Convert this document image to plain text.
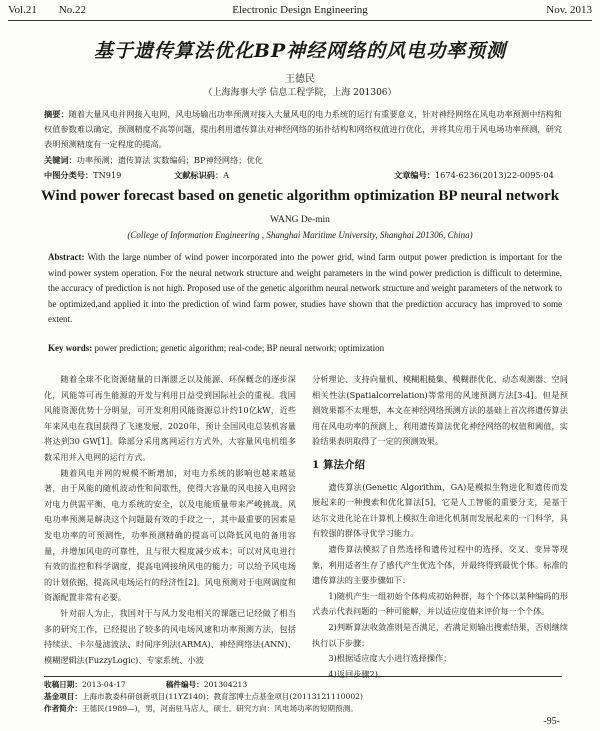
Vol.21 No.22	Electronic Design Engineering	Nov. 2013
基于遗传算法优化BP神经网络的风电功率预测
王德民
（上海海事大学 信息工程学院，上海 201306）
摘要：随着大量风电并网接入电网，风电场输出功率预测对接入大量风电的电力系统的运行有重要意义，针对神经网络在风电功率预测中结构和权值参数难以确定，预测精度不高等问题，提出利用遗传算法对神经网络的拓扑结构和网络权值进行优化，并将其应用于风电场功率预测，研究表明预测精度有一定程度的提高。
关键词：功率预测；遗传算法 实数编码；BP神经网络；优化
中图分类号：TN919	文献标识码：A	文章编号：1674-6236(2013)22-0095-04
Wind power forecast based on genetic algorithm optimization BP neural network
WANG De-min
(College of Information Engineering , Shanghai Maritime University, Shanghai 201306, China)
Abstract: With the large number of wind power incorporated into the power grid, wind farm output power prediction is important for the wind power system operation. For the neural network structure and weight parameters in the wind power prediction is difficult to determine, the accuracy of prediction is not high. Proposed use of the genetic algorithm neural network structure and weight parameters of the network to be optimized,and applied it into the prediction of wind farm power, studies have shown that the prediction accuracy has improved to some extent.
Key words: power prediction; genetic algorithm; real-code; BP neural network; optimization

随着全球不化资源储量的日渐匮乏以及能源、环保概念的逐步深化，风能等可再生能源的开发与利用日益受到国际社会的重视。我国风能资源优势十分明显，可开发利用风能资源总计约10亿kW，近些年来风电在我国获得了飞速发展，2020年，预计全国风电总装机容量将达到30 GW[1]。除部分采用离网运行方式外，大容量风电机组多数采用并入电网的运行方式。

随着风电并网的规模不断增加，对电力系统的影响也越来越显著，由于风能的随机波动性和间歇性，使得大容量的风电接入电网会对电力供需平衡、电力系统的安全，以及电能质量带来严峻挑战。风电功率预测是解决这个问题最有效的手段之一，其中最重要的因素是发电功率的可预测性，功率预测精确的提高可以降低风电的备用容量，并增加风电的可靠性，且与很大程度减少成本；可以对风电进行有效的监控和科学调度，提高电网接纳风电的能力；可以给予风电场的计划依据，提高风电场运行的经济性[2]。风电预测对于电网调度和资源配置非常有必要。

针对前人为止，我国对于与风力发电相关的课题已记经做了相当多的研究工作，已经提出了较多的风电场风速和功率预测方法，包括持续法、卡尔曼滤波法、时间序列法(ARMA)、神经网络法(ANN)、模糊逻辑法(FuzzyLogic)、专家系统、小波

分析理论、支持向量机、模糊粗糙集、模糊群优化、动态观测器、空间相关性法(Spatialcorrelation)等常用的风速预测方法[3-4]。但是预测效果都不太理想，本文在神经网络预测方法的基础上首次将遗传算法用在风电功率的预测上，利用遗传算法优化神经网络的权值和阈值，实验结果表明取得了一定的预测效果。

1 算法介绍

遗传算法(Genetic Algorithm，GA)是模拟生物进化和遗传而发展起来的一种搜索和优化算法[5]，它是人工智能的重要分支，是基于达尔文进化论在计算机上模拟生命进化机制而发展起来的一门科学，具有较强的群体寻优学习能力。

遗传算法模拟了自然选择和遗传过程中的选择、交叉、变异等现象，利用适者生存了感代产生优选个体，并最终得到最优个体。标准的遗传算法的主要步骤如下：

1)随机产生一组初始个体构成初始种群，每个个体以某种编码的形式表示代表问题的一种可能解，并以适应度值来评价每一个个体。

2)判断算法收敛准则是否满足，若满足则输出搜索结果，否则继续执行以下步骤；

3)根据适应度大小进行选择操作；

4)返回步骤2)。

收稿日期：2013-04-17	稿件编号：201304213
基金项目：上海市教委科研创新项目(11YZ140)；教育部博士点基金项目(20113121110002)
作者简介：王德民(1989—)，男，河南驻马店人，硕士。研究方向：风电场功率的短期预测。
-95-
